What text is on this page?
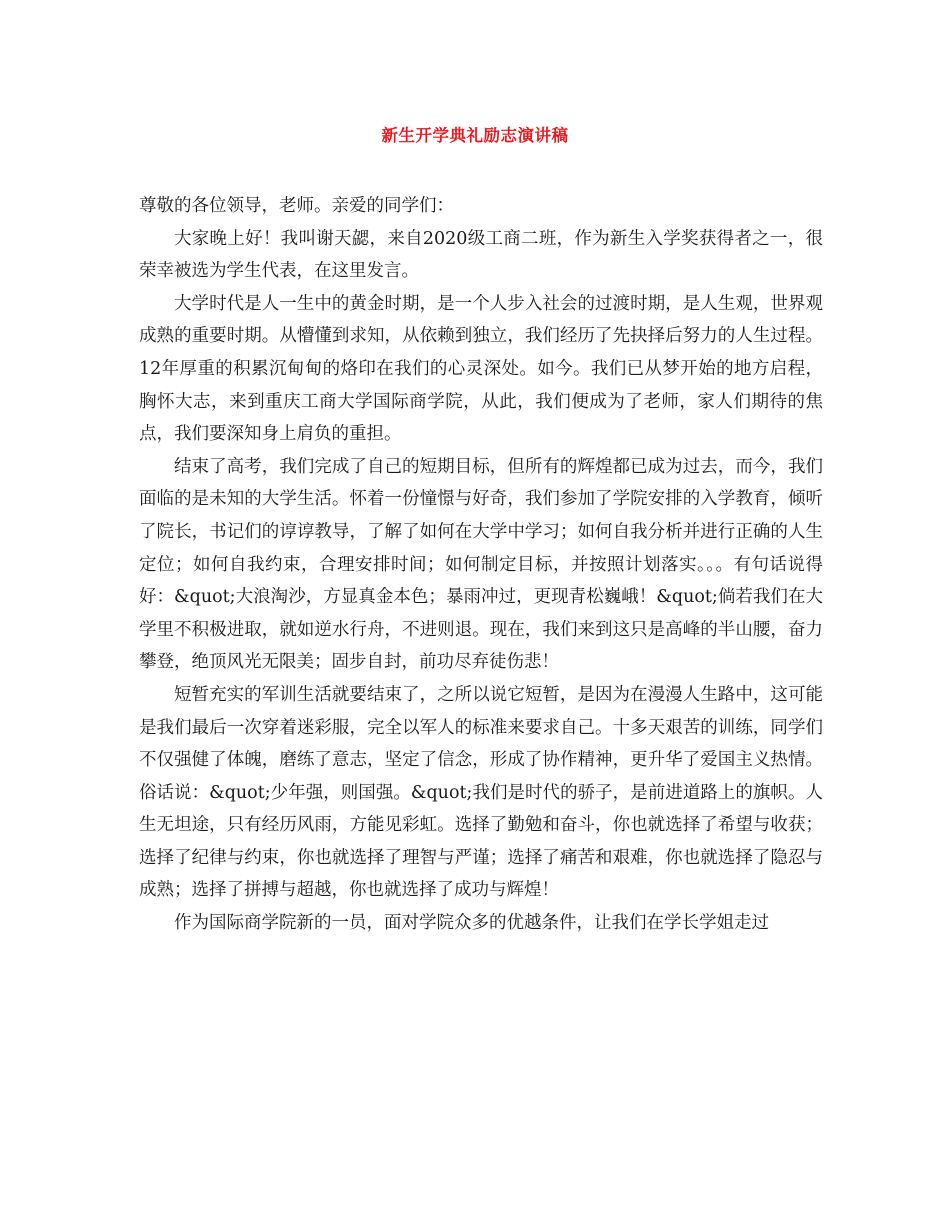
新生开学典礼励志演讲稿

尊敬的各位领导，老师。亲爱的同学们：

大家晚上好！我叫谢天勰，来自2020级工商二班，作为新生入学奖获得者之一，很荣幸被选为学生代表，在这里发言。

大学时代是人一生中的黄金时期，是一个人步入社会的过渡时期，是人生观，世界观成熟的重要时期。从懵懂到求知，从依赖到独立，我们经历了先抉择后努力的人生过程。12年厚重的积累沉甸甸的烙印在我们的心灵深处。如今。我们已从梦开始的地方启程，胸怀大志，来到重庆工商大学国际商学院，从此，我们便成为了老师，家人们期待的焦点，我们要深知身上肩负的重担。

结束了高考，我们完成了自己的短期目标，但所有的辉煌都已成为过去，而今，我们面临的是未知的大学生活。怀着一份憧憬与好奇，我们参加了学院安排的入学教育，倾听了院长，书记们的谆谆教导，了解了如何在大学中学习；如何自我分析并进行正确的人生定位；如何自我约束，合理安排时间；如何制定目标，并按照计划落实。。。有句话说得好：&quot;大浪淘沙，方显真金本色；暴雨冲过，更现青松巍峨！&quot;倘若我们在大学里不积极进取，就如逆水行舟，不进则退。现在，我们来到这只是高峰的半山腰，奋力攀登，绝顶风光无限美；固步自封，前功尽弃徒伤悲！

短暂充实的军训生活就要结束了，之所以说它短暂，是因为在漫漫人生路中，这可能是我们最后一次穿着迷彩服，完全以军人的标准来要求自己。十多天艰苦的训练，同学们不仅强健了体魄，磨练了意志，坚定了信念，形成了协作精神，更升华了爱国主义热情。俗话说：&quot;少年强，则国强。&quot;我们是时代的骄子，是前进道路上的旗帜。人生无坦途，只有经历风雨，方能见彩虹。选择了勤勉和奋斗，你也就选择了希望与收获；选择了纪律与约束，你也就选择了理智与严谨；选择了痛苦和艰难，你也就选择了隐忍与成熟；选择了拼搏与超越，你也就选择了成功与辉煌！

作为国际商学院新的一员，面对学院众多的优越条件，让我们在学长学姐走过
